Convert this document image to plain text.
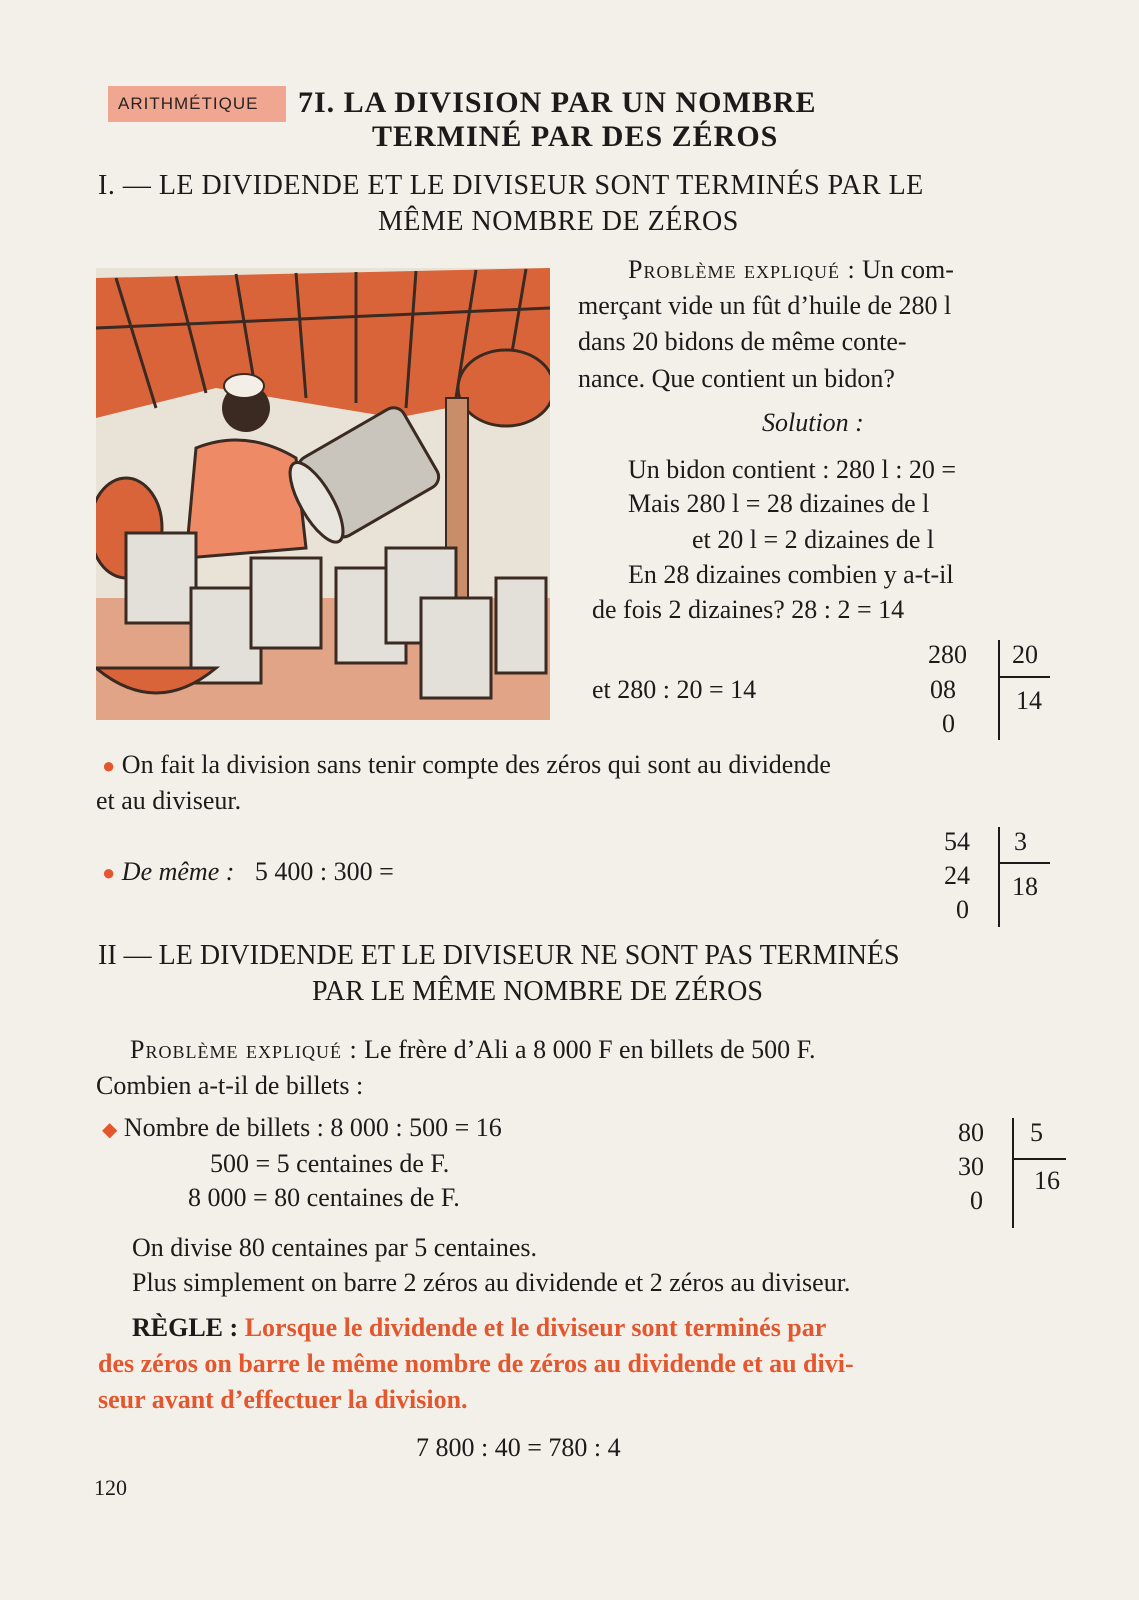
ARITHMÉTIQUE	7I. LA DIVISION PAR UN NOMBRE
TERMINÉ PAR DES ZÉROS
I. — LE DIVIDENDE ET LE DIVISEUR SONT TERMINÉS PAR LE
MÊME NOMBRE DE ZÉROS
Problème expliqué : Un com-
merçant vide un fût d’huile de 280 l
dans 20 bidons de même conte-
nance. Que contient un bidon?
Solution :
Un bidon contient : 280 l : 20 =
Mais 280 l = 28 dizaines de l
et 20 l = 2 dizaines de l
En 28 dizaines combien y a-t-il
de fois 2 dizaines? 28 : 2 = 14
et 280 : 20 = 14
280 20
08
0
14
● On fait la division sans tenir compte des zéros qui sont au dividende
et au diviseur.
● De même : 5 400 : 300 =
54 3
24
0
18
II — LE DIVIDENDE ET LE DIVISEUR NE SONT PAS TERMINÉS
PAR LE MÊME NOMBRE DE ZÉROS
Problème expliqué : Le frère d’Ali a 8 000 F en billets de 500 F.
Combien a-t-il de billets :
◆ Nombre de billets : 8 000 : 500 = 16
500 = 5 centaines de F.
8 000 = 80 centaines de F.
On divise 80 centaines par 5 centaines.
Plus simplement on barre 2 zéros au dividende et 2 zéros au diviseur.
80 5
30
0
16
RÈGLE : Lorsque le dividende et le diviseur sont terminés par
des zéros on barre le même nombre de zéros au dividende et au divi-
seur avant d’effectuer la division.
7 800 : 40 = 780 : 4
120
